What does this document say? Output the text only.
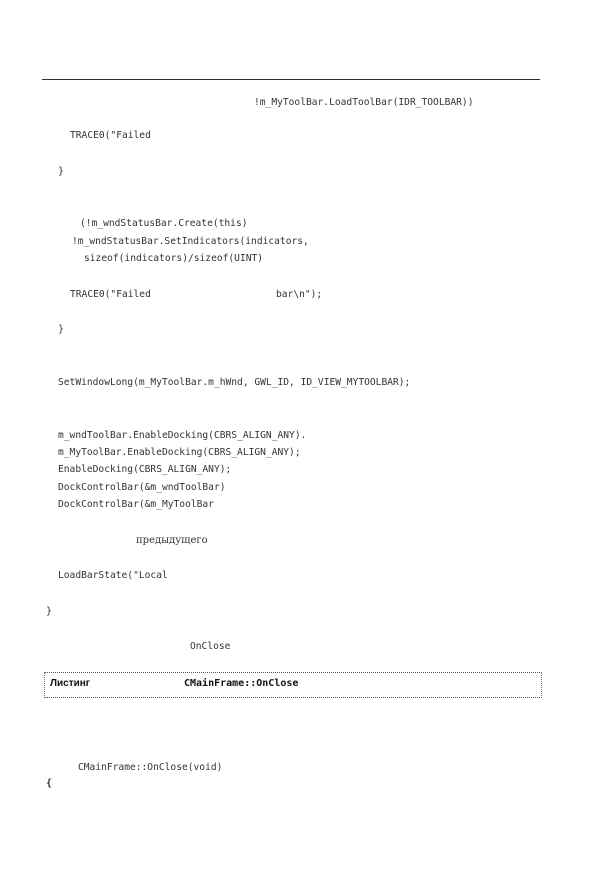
!m_MyToolBar.LoadToolBar(IDR_TOOLBAR))
TRACE0("Failed
}
(!m_wndStatusBar.Create(this)
!m_wndStatusBar.SetIndicators(indicators,
sizeof(indicators)/sizeof(UINT)
TRACE0("Failed	bar\n");
}
SetWindowLong(m_MyToolBar.m_hWnd, GWL_ID, ID_VIEW_MYTOOLBAR);
m_wndToolBar.EnableDocking(CBRS_ALIGN_ANY).
m_MyToolBar.EnableDocking(CBRS_ALIGN_ANY);
EnableDocking(CBRS_ALIGN_ANY);
DockControlBar(&m_wndToolBar)
DockControlBar(&m_MyToolBar
предыдущего
LoadBarState("Local
}
OnClose
Листинг	CMainFrame::OnClose
CMainFrame::OnClose(void)
{
